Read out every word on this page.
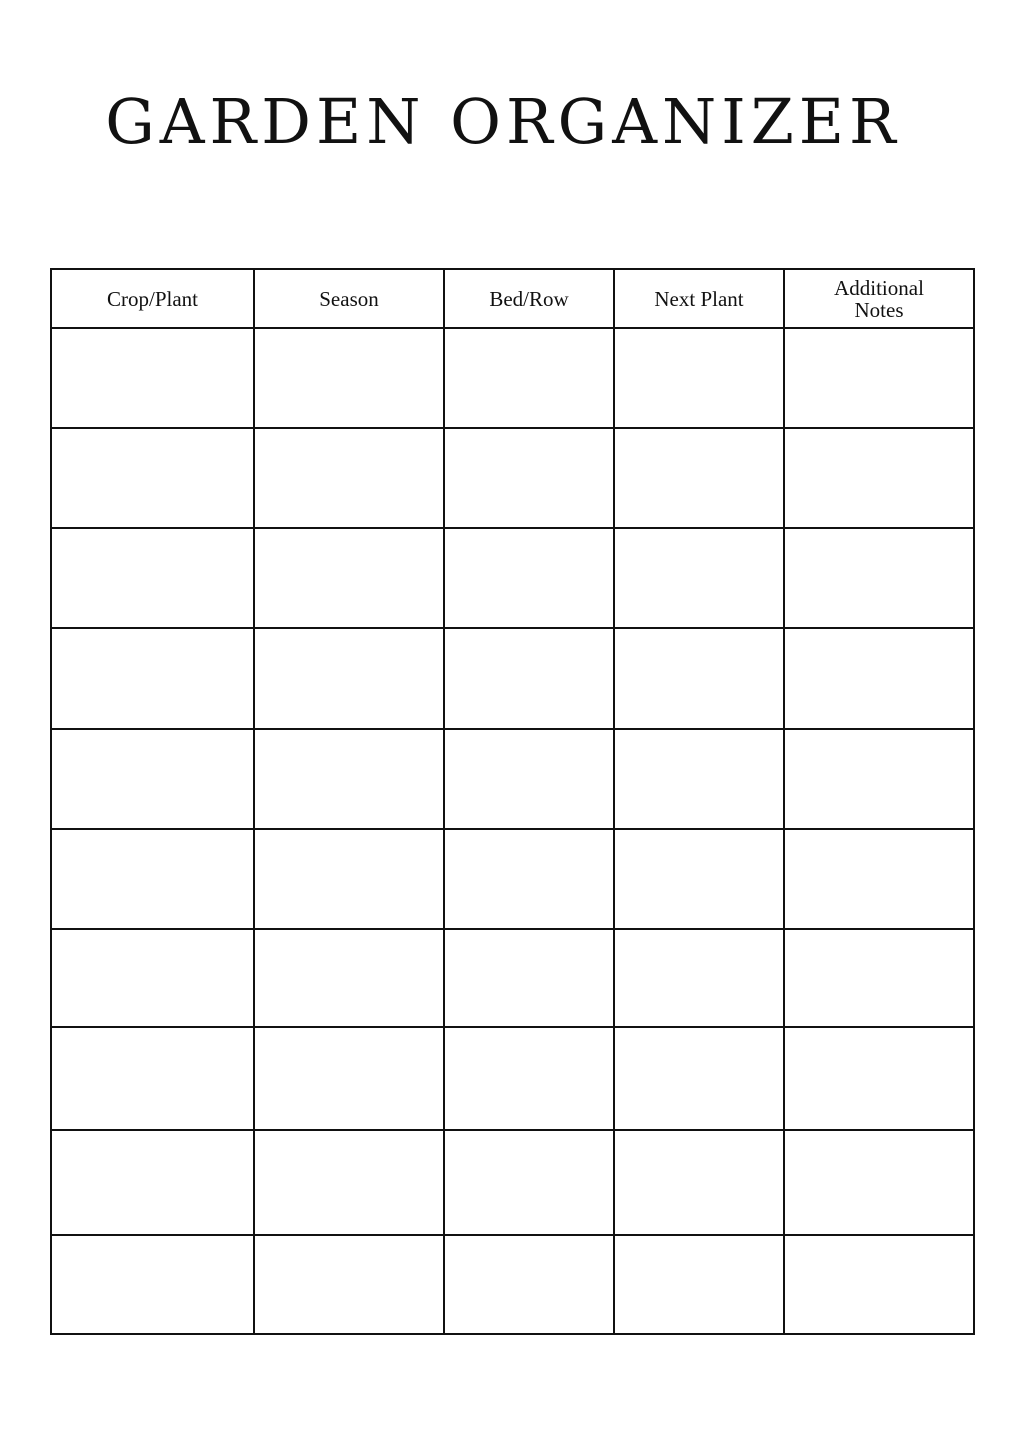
GARDEN ORGANIZER
Crop/Plant	Season	Bed/Row	Next Plant	Additional Notes
